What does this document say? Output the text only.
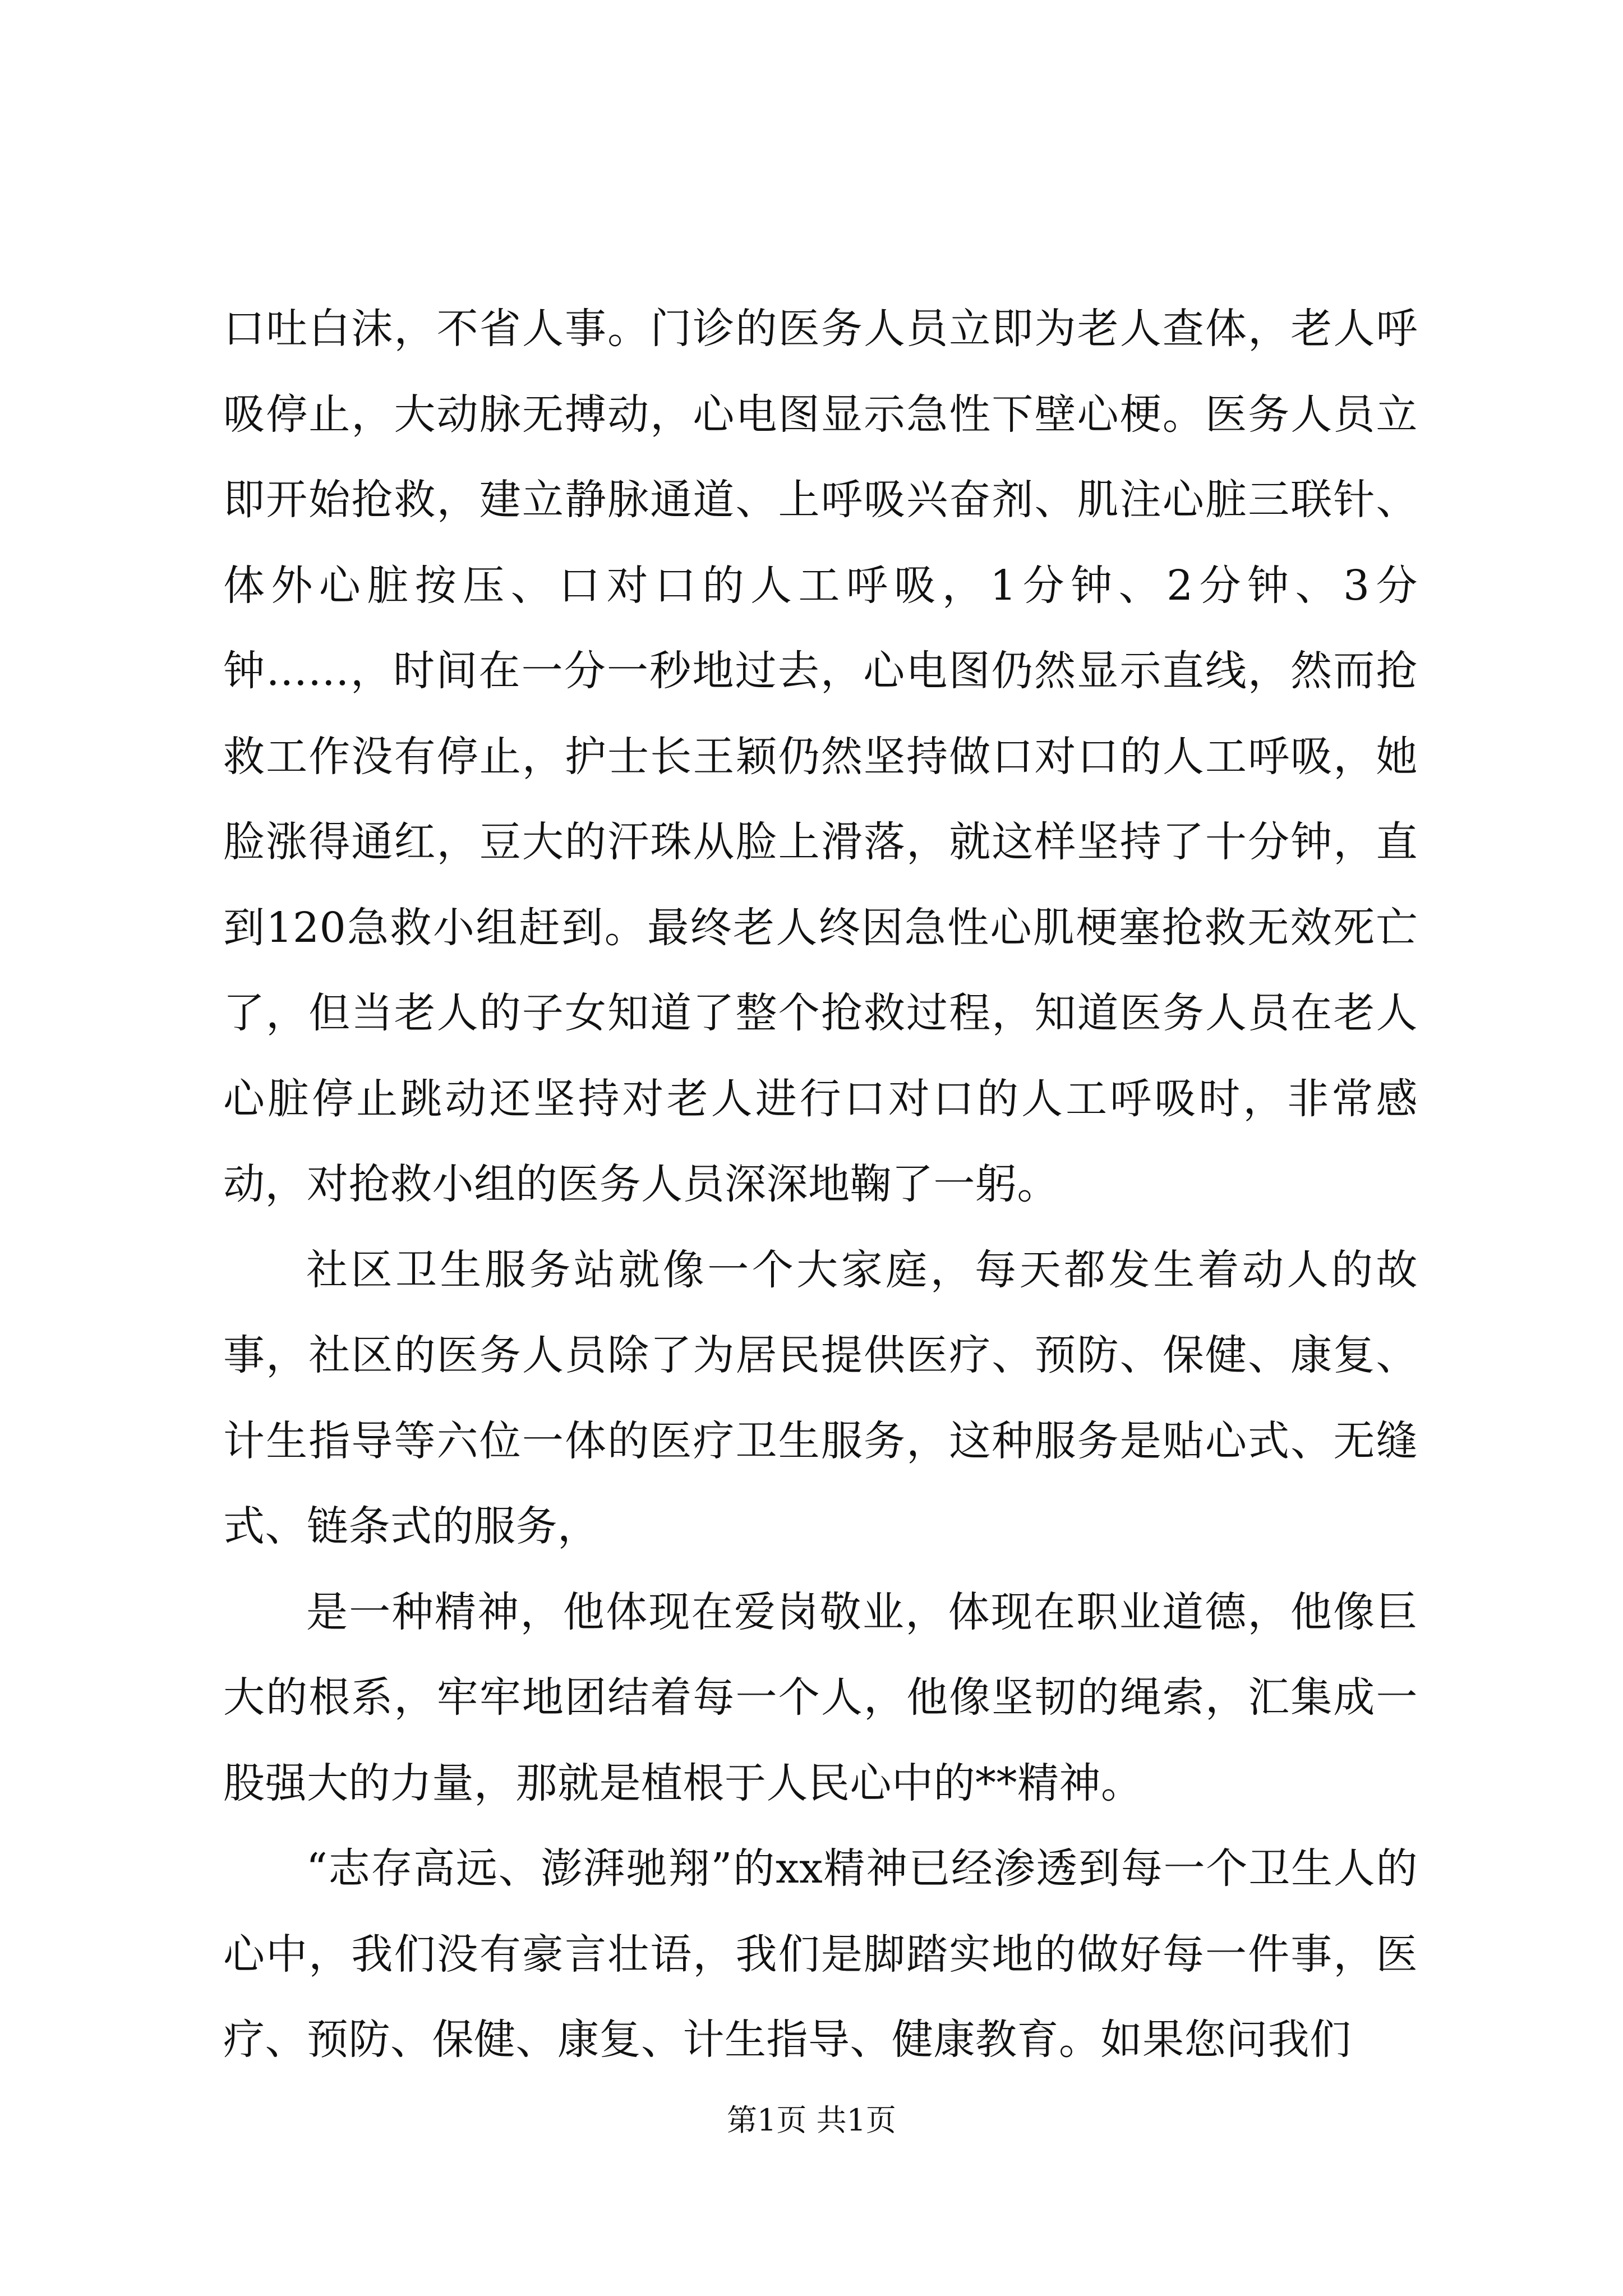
口吐白沫，不省人事。门诊的医务人员立即为老人查体，老人呼吸停止，大动脉无搏动，心电图显示急性下壁心梗。医务人员立即开始抢救，建立静脉通道、上呼吸兴奋剂、肌注心脏三联针、体外心脏按压、口对口的人工呼吸，1分钟、2分钟、3分钟……，时间在一分一秒地过去，心电图仍然显示直线，然而抢救工作没有停止，护士长王颖仍然坚持做口对口的人工呼吸，她脸涨得通红，豆大的汗珠从脸上滑落，就这样坚持了十分钟，直到120急救小组赶到。最终老人终因急性心肌梗塞抢救无效死亡了，但当老人的子女知道了整个抢救过程，知道医务人员在老人心脏停止跳动还坚持对老人进行口对口的人工呼吸时，非常感动，对抢救小组的医务人员深深地鞠了一躬。

社区卫生服务站就像一个大家庭，每天都发生着动人的故事，社区的医务人员除了为居民提供医疗、预防、保健、康复、计生指导等六位一体的医疗卫生服务，这种服务是贴心式、无缝式、链条式的服务，

是一种精神，他体现在爱岗敬业，体现在职业道德，他像巨大的根系，牢牢地团结着每一个人，他像坚韧的绳索，汇集成一股强大的力量，那就是植根于人民心中的**精神。

“志存高远、澎湃驰翔”的xx精神已经渗透到每一个卫生人的心中，我们没有豪言壮语，我们是脚踏实地的做好每一件事，医疗、预防、保健、康复、计生指导、健康教育。如果您问我们

第1页 共1页
